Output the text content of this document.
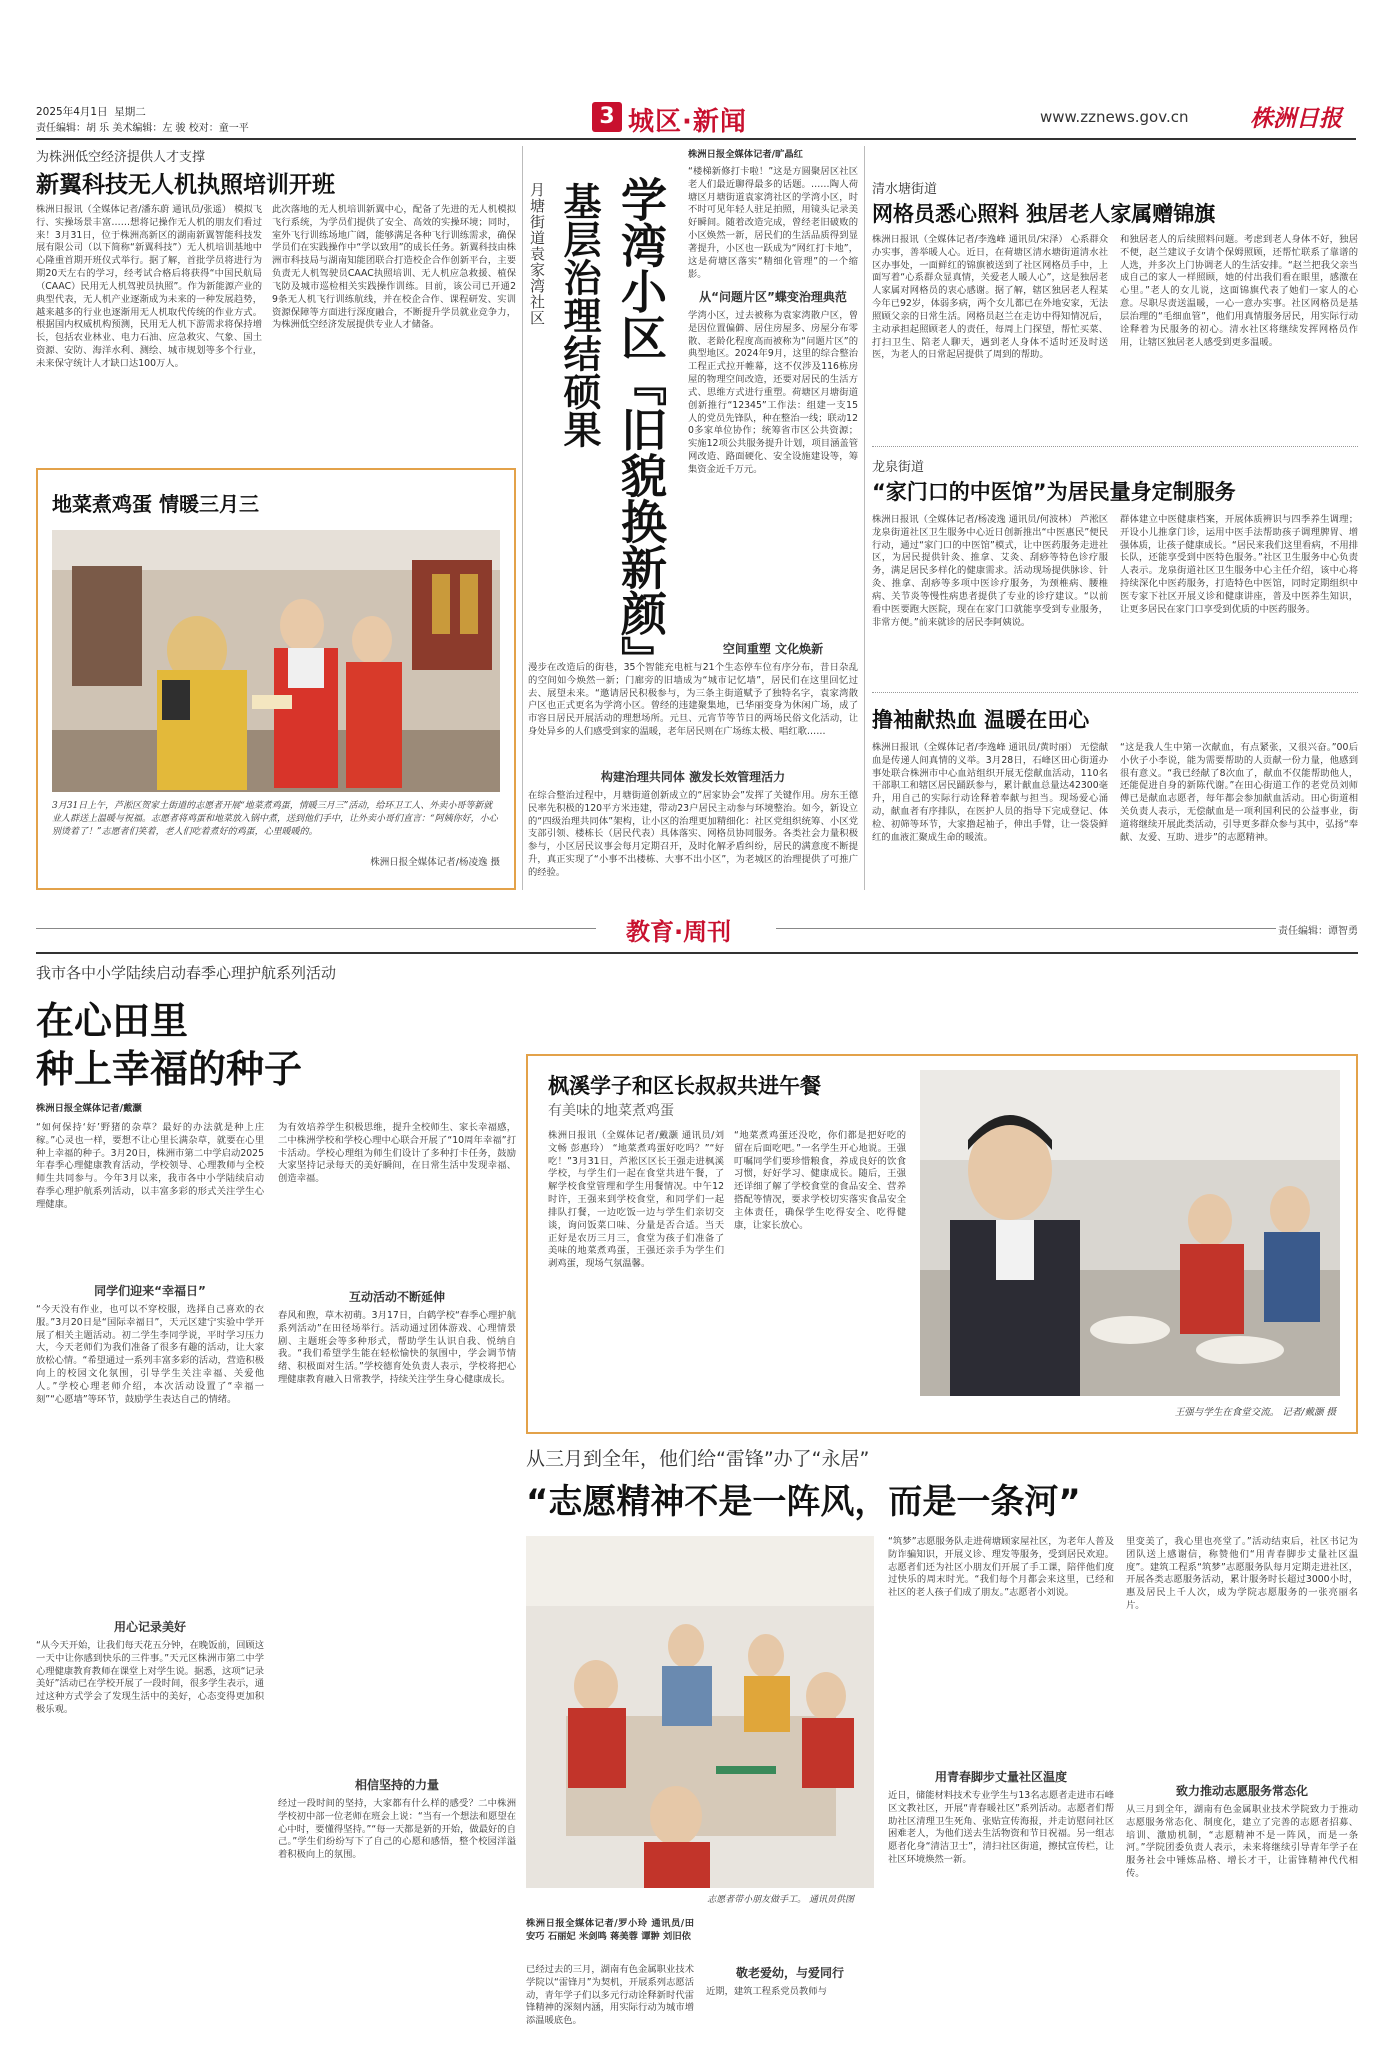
2025年4月1日 星期二
责任编辑：胡 乐 美术编辑：左 骏 校对：童一平	3 城区·新闻	www.zznews.gov.cn	株洲日报
为株洲低空经济提供人才支撑
新翼科技无人机执照培训开班
株洲日报讯（全媒体记者/潘东蔚 通讯员/张遥） 模拟飞行、实操场景丰富……想将记操作无人机的朋友们看过来！3月31日，位于株洲高新区的湖南新翼智能科技发展有限公司（以下简称“新翼科技”）无人机培训基地中心隆重首期开班仪式举行。据了解，首批学员将进行为期20天左右的学习，经考试合格后将获得“中国民航局（CAAC）民用无人机驾驶员执照”。作为新能源产业的典型代表，无人机产业逐渐成为未来的一种发展趋势，越来越多的行业也逐渐用无人机取代传统的作业方式。根据国内权威机构预测，民用无人机下游需求将保持增长，包括农业林业、电力石油、应急救灾、气象、国土资源、安防、海洋水利、测绘、城市规划等多个行业，未来保守统计人才缺口达100万人。
此次落地的无人机培训新翼中心，配备了先进的无人机模拟飞行系统，为学员们提供了安全、高效的实操环境；同时，室外飞行训练场地广阔，能够满足各种飞行训练需求，确保学员们在实践操作中“学以致用”的成长任务。新翼科技由株洲市科技局与湖南知能团联合打造校企合作创新平台，主要负责无人机驾驶员CAAC执照培训、无人机应急救援、植保飞防及城市巡检相关实践操作训练。目前，该公司已开通29条无人机飞行训练航线，并在校企合作、课程研发、实训资源保障等方面进行深度融合，不断提升学员就业竞争力，为株洲低空经济发展提供专业人才储备。
地菜煮鸡蛋 情暖三月三
3月31日上午，芦淞区贺家土街道的志愿者开展“地菜煮鸡蛋，情暖三月三”活动，给环卫工人、外卖小哥等新就业人群送上温暖与祝福。志愿者将鸡蛋和地菜放入锅中煮，送到他们手中，让外卖小哥们直言：“阿姨你好，小心别烫着了！”志愿者们笑着，老人们吃着煮好的鸡蛋，心里暖暖的。
株洲日报全媒体记者/杨凌逸 摄
月塘街道袁家湾社区 基层治理结硕果 学湾小区『旧貌换新颜』
株洲日报全媒体记者/旷晶红
“楼梯新修打卡啦！”这是方圆聚居区社区老人们最近聊得最多的话题。……陶人荷塘区月塘街道袁家湾社区的学湾小区，时不时可见年轻人驻足拍照，用镜头记录美好瞬间。随着改造完成，曾经老旧破败的小区焕然一新，居民们的生活品质得到显著提升，小区也一跃成为“网红打卡地”，这是荷塘区落实“精细化管理”的一个缩影。
从“问题片区”蝶变治理典范
学湾小区，过去被称为袁家湾散户区，曾是因位置偏僻、居住房屋多、房屋分布零散、老龄化程度高而被称为“问题片区”的典型地区。2024年9月，这里的综合整治工程正式拉开帷幕，这不仅涉及116栋房屋的物理空间改造，还要对居民的生活方式、思维方式进行重塑。荷塘区月塘街道创新推行“12345”工作法：组建一支15人的党员先锋队，种在整治一线；联动120多家单位协作；统筹省市区公共资源；实施12项公共服务提升计划，项目涵盖管网改造、路面硬化、安全设施建设等，筹集资金近千万元。
空间重塑 文化焕新
漫步在改造后的街巷，35个智能充电桩与21个生态停车位有序分布，昔日杂乱的空间如今焕然一新；门廊旁的旧墙成为“城市记忆墙”，居民们在这里回忆过去、展望未来。“邀请居民积极参与，为三条主街道赋予了独特名字，袁家湾散户区也正式更名为学湾小区。曾经的违建聚集地，已华丽变身为休闲广场，成了市容日居民开展活动的理想场所。元旦、元宵节等节日的两场民俗文化活动，让身处异乡的人们感受到家的温暖，老年居民则在广场练太极、唱红歌……
构建治理共同体 激发长效管理活力
在综合整治过程中，月塘街道创新成立的“居家协会”发挥了关键作用。房东王德民率先积极的120平方米违建，带动23户居民主动参与环境整治。如今，新设立的“四级治理共同体”架构，让小区的治理更加精细化：社区党组织统筹、小区党支部引领、楼栋长（居民代表）具体落实、网格员协同服务。各类社会力量积极参与，小区居民议事会每月定期召开，及时化解矛盾纠纷，居民的满意度不断提升，真正实现了“小事不出楼栋、大事不出小区”，为老城区的治理提供了可推广的经验。
清水塘街道
网格员悉心照料 独居老人家属赠锦旗
株洲日报讯（全媒体记者/李逸峰 通讯员/宋泽） 心系群众办实事，善举暖人心。近日，在荷塘区清水塘街道清水社区办事处，一面鲜红的锦旗被送到了社区网格员手中，上面写着“心系群众显真情，关爱老人暖人心”，这是独居老人家属对网格员的衷心感谢。据了解，辖区独居老人程某今年已92岁，体弱多病，两个女儿都已在外地安家，无法照顾父亲的日常生活。网格员赵兰在走访中得知情况后，主动承担起照顾老人的责任，每周上门探望，帮忙买菜、打扫卫生、陪老人聊天，遇到老人身体不适时还及时送医，为老人的日常起居提供了周到的帮助。
和独居老人的后续照料问题。考虑到老人身体不好，独居不便，赵兰建议子女请个保姆照顾，还帮忙联系了靠谱的人选，并多次上门协调老人的生活安排。“赵兰把我父亲当成自己的家人一样照顾，她的付出我们看在眼里，感激在心里。”老人的女儿说，这面锦旗代表了她们一家人的心意。尽职尽责送温暖，一心一意办实事。社区网格员是基层治理的“毛细血管”，他们用真情服务居民，用实际行动诠释着为民服务的初心。清水社区将继续发挥网格员作用，让辖区独居老人感受到更多温暖。
龙泉街道
“家门口的中医馆”为居民量身定制服务
株洲日报讯（全媒体记者/杨凌逸 通讯员/何波林） 芦淞区龙泉街道社区卫生服务中心近日创新推出“中医惠民”便民行动，通过“家门口的中医馆”模式，让中医药服务走进社区，为居民提供针灸、推拿、艾灸、刮痧等特色诊疗服务，满足居民多样化的健康需求。活动现场提供脉诊、针灸、推拿、刮痧等多项中医诊疗服务，为颈椎病、腰椎病、关节炎等慢性病患者提供了专业的诊疗建议。“以前看中医要跑大医院，现在在家门口就能享受到专业服务，非常方便。”前来就诊的居民李阿姨说。
群体建立中医健康档案，开展体质辨识与四季养生调理；开设小儿推拿门诊，运用中医手法帮助孩子调理脾胃、增强体质，让孩子健康成长。“居民来我们这里看病，不用排长队，还能享受到中医特色服务。”社区卫生服务中心负责人表示。龙泉街道社区卫生服务中心主任介绍，该中心将持续深化中医药服务，打造特色中医馆，同时定期组织中医专家下社区开展义诊和健康讲座，普及中医养生知识，让更多居民在家门口享受到优质的中医药服务。
撸袖献热血 温暖在田心
株洲日报讯（全媒体记者/李逸峰 通讯员/黄时丽） 无偿献血是传递人间真情的义举。3月28日，石峰区田心街道办事处联合株洲市中心血站组织开展无偿献血活动，110名干部职工和辖区居民踊跃参与，累计献血总量达42300毫升，用自己的实际行动诠释着奉献与担当。现场爱心涌动，献血者有序排队，在医护人员的指导下完成登记、体检、初筛等环节，大家撸起袖子，伸出手臂，让一袋袋鲜红的血液汇聚成生命的暖流。
“这是我人生中第一次献血，有点紧张，又很兴奋。”00后小伙子小李说，能为需要帮助的人贡献一份力量，他感到很有意义。“我已经献了8次血了，献血不仅能帮助他人，还能促进自身的新陈代谢。”在田心街道工作的老党员刘师傅已是献血志愿者，每年都会参加献血活动。田心街道相关负责人表示，无偿献血是一项利国利民的公益事业，街道将继续开展此类活动，引导更多群众参与其中，弘扬“奉献、友爱、互助、进步”的志愿精神。
教育·周刊	责任编辑：谭智勇
我市各中小学陆续启动春季心理护航系列活动
在心田里
种上幸福的种子
株洲日报全媒体记者/戴灏
“如何保持‘好’野猪的杂草？最好的办法就是种上庄稼。”心灵也一样，要想不让心里长满杂草，就要在心里种上幸福的种子。3月20日，株洲市第二中学启动2025年春季心理健康教育活动，学校领导、心理教师与全校师生共同参与。今年3月以来，我市各中小学陆续启动春季心理护航系列活动，以丰富多彩的形式关注学生心理健康。
同学们迎来“幸福日”
“今天没有作业，也可以不穿校服，选择自己喜欢的衣服。”3月20日是“国际幸福日”，天元区建宁实验中学开展了相关主题活动。初二学生李同学说，平时学习压力大，今天老师们为我们准备了很多有趣的活动，让大家放松心情。“希望通过一系列丰富多彩的活动，营造积极向上的校园文化氛围，引导学生关注幸福、关爱他人。”学校心理老师介绍，本次活动设置了“幸福一刻”“心愿墙”等环节，鼓励学生表达自己的情绪。
用心记录美好
“从今天开始，让我们每天花五分钟，在晚饭前，回顾这一天中让你感到快乐的三件事。”天元区株洲市第二中学心理健康教育教师在课堂上对学生说。据悉，这项“记录美好”活动已在学校开展了一段时间，很多学生表示，通过这种方式学会了发现生活中的美好，心态变得更加积极乐观。
为有效培养学生积极思维，提升全校师生、家长幸福感，二中株洲学校和学校心理中心联合开展了“10周年幸福”打卡活动。学校心理组为师生们设计了多种打卡任务，鼓励大家坚持记录每天的美好瞬间，在日常生活中发现幸福、创造幸福。
互动活动不断延伸
春风和煦，草木初萌。3月17日，白鹤学校“春季心理护航系列活动”在田径场举行。活动通过团体游戏、心理情景剧、主题班会等多种形式，帮助学生认识自我、悦纳自我。“我们希望学生能在轻松愉快的氛围中，学会调节情绪、积极面对生活。”学校德育处负责人表示，学校将把心理健康教育融入日常教学，持续关注学生身心健康成长。
相信坚持的力量
经过一段时间的坚持，大家都有什么样的感受？二中株洲学校初中部一位老师在班会上说：“当有一个想法和愿望在心中时，要懂得坚持。”“每一天都是新的开始，做最好的自己。”学生们纷纷写下了自己的心愿和感悟，整个校园洋溢着积极向上的氛围。
枫溪学子和区长叔叔共进午餐
有美味的地菜煮鸡蛋
株洲日报讯（全媒体记者/戴灏 通讯员/刘文畅 彭惠玲） “地菜煮鸡蛋好吃吗？”“好吃！”3月31日，芦淞区区长王强走进枫溪学校，与学生们一起在食堂共进午餐，了解学校食堂管理和学生用餐情况。中午12时许，王强来到学校食堂，和同学们一起排队打餐，一边吃饭一边与学生们亲切交谈，询问饭菜口味、分量是否合适。当天正好是农历三月三，食堂为孩子们准备了美味的地菜煮鸡蛋，王强还亲手为学生们剥鸡蛋，现场气氛温馨。
“地菜煮鸡蛋还没吃，你们都是把好吃的留在后面吃吧。”一名学生开心地说。王强叮嘱同学们要珍惜粮食，养成良好的饮食习惯，好好学习、健康成长。随后，王强还详细了解了学校食堂的食品安全、营养搭配等情况，要求学校切实落实食品安全主体责任，确保学生吃得安全、吃得健康，让家长放心。
王强与学生在食堂交流。 记者/戴灏 摄
从三月到全年，他们给“雷锋”办了“永居”
“志愿精神不是一阵风，而是一条河”
志愿者带小朋友做手工。 通讯员供图
株洲日报全媒体记者/罗小玲 通讯员/田安巧 石丽妃 米剑鸣 蒋美蓉 谭翀 刘旧依
已经过去的三月，湖南有色金属职业技术学院以“雷锋月”为契机，开展系列志愿活动，青年学子们以多元行动诠释新时代雷锋精神的深刻内涵，用实际行动为城市增添温暖底色。
敬老爱幼，与爱同行
近期，建筑工程系党员教师与
“筑梦”志愿服务队走进荷塘顾家屋社区，为老年人普及防诈骗知识，开展义诊、理发等服务，受到居民欢迎。志愿者们还为社区小朋友们开展了手工课，陪伴他们度过快乐的周末时光。“我们每个月都会来这里，已经和社区的老人孩子们成了朋友。”志愿者小刘说。
用青春脚步丈量社区温度
近日，储能材料技术专业学生与13名志愿者走进市石峰区文教社区，开展“青春暖社区”系列活动。志愿者们帮助社区清理卫生死角、张贴宣传海报，并走访慰问社区困难老人，为他们送去生活物资和节日祝福。另一组志愿者化身“清洁卫士”，清扫社区街道，擦拭宣传栏，让社区环境焕然一新。
里变美了，我心里也亮堂了。”活动结束后，社区书记为团队送上感谢信，称赞他们“用青春脚步丈量社区温度”。建筑工程系“筑梦”志愿服务队每月定期走进社区，开展各类志愿服务活动，累计服务时长超过3000小时，惠及居民上千人次，成为学院志愿服务的一张亮丽名片。
致力推动志愿服务常态化
从三月到全年，湖南有色金属职业技术学院致力于推动志愿服务常态化、制度化，建立了完善的志愿者招募、培训、激励机制，“志愿精神不是一阵风，而是一条河。”学院团委负责人表示，未来将继续引导青年学子在服务社会中锤炼品格、增长才干，让雷锋精神代代相传。
